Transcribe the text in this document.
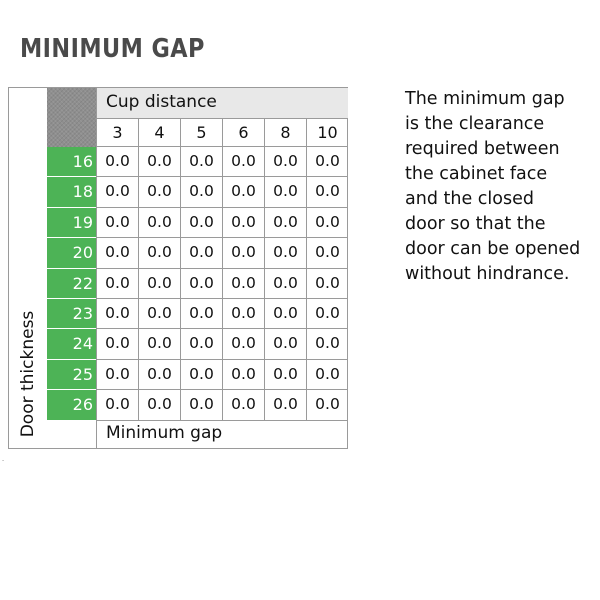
MINIMUM GAP
Door thickness
Cup distance
3	4	5	6	8	10
16 0.0	0.0	0.0	0.0	0.0	0.0
18 0.0	0.0	0.0	0.0	0.0	0.0
19 0.0	0.0	0.0	0.0	0.0	0.0
20 0.0	0.0	0.0	0.0	0.0	0.0
22 0.0	0.0	0.0	0.0	0.0	0.0
23 0.0	0.0	0.0	0.0	0.0	0.0
24 0.0	0.0	0.0	0.0	0.0	0.0
25 0.0	0.0	0.0	0.0	0.0	0.0
26 0.0	0.0	0.0	0.0	0.0	0.0
Minimum gap
The minimum gap
is the clearance
required between
the cabinet face
and the closed
door so that the
door can be opened
without hindrance.
-
